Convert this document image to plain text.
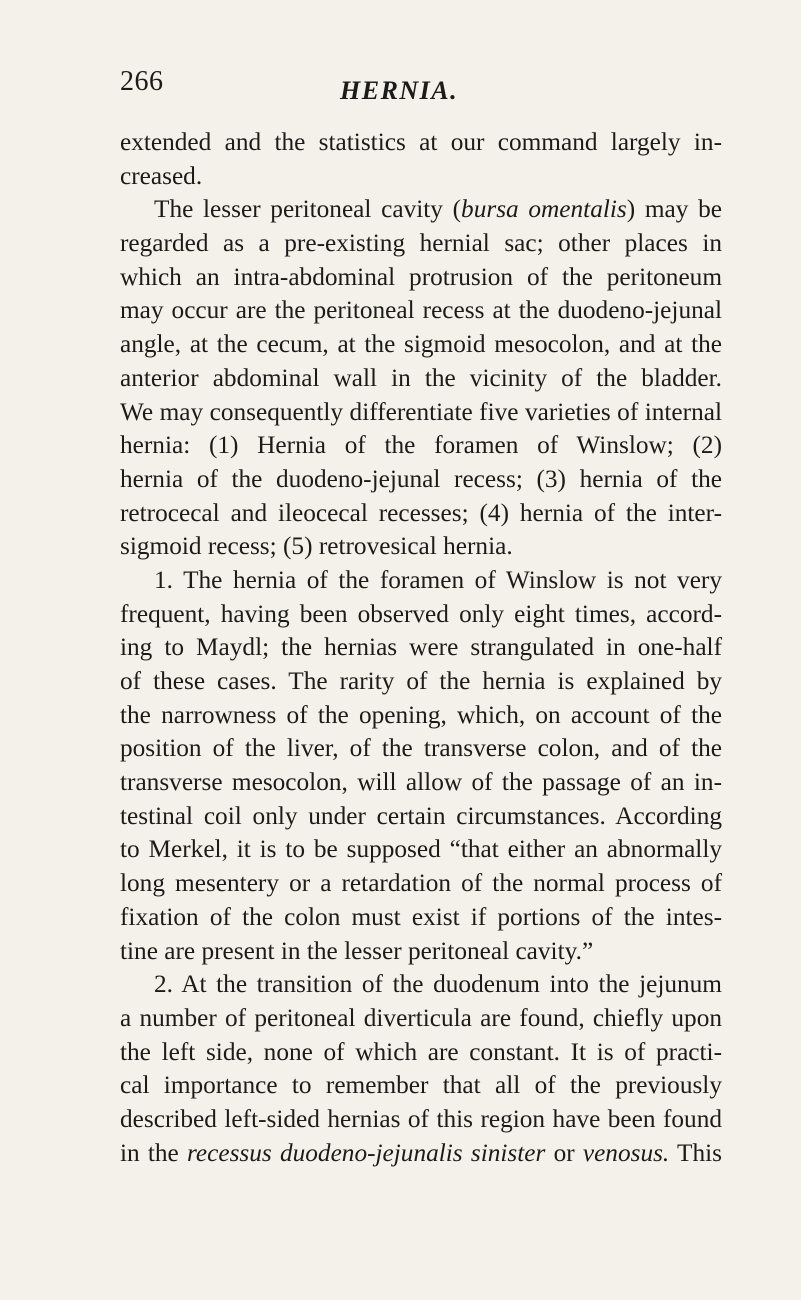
266	HERNIA.
extended and the statistics at our command largely in-
creased.
The lesser peritoneal cavity (bursa omentalis) may be
regarded as a pre-existing hernial sac; other places in
which an intra-abdominal protrusion of the peritoneum
may occur are the peritoneal recess at the duodeno-jejunal
angle, at the cecum, at the sigmoid mesocolon, and at the
anterior abdominal wall in the vicinity of the bladder.
We may consequently differentiate five varieties of internal
hernia: (1) Hernia of the foramen of Winslow; (2)
hernia of the duodeno-jejunal recess; (3) hernia of the
retrocecal and ileocecal recesses; (4) hernia of the inter-
sigmoid recess; (5) retrovesical hernia.
1. The hernia of the foramen of Winslow is not very
frequent, having been observed only eight times, accord-
ing to Maydl; the hernias were strangulated in one-half
of these cases. The rarity of the hernia is explained by
the narrowness of the opening, which, on account of the
position of the liver, of the transverse colon, and of the
transverse mesocolon, will allow of the passage of an in-
testinal coil only under certain circumstances. According
to Merkel, it is to be supposed “that either an abnormally
long mesentery or a retardation of the normal process of
fixation of the colon must exist if portions of the intes-
tine are present in the lesser peritoneal cavity.”
2. At the transition of the duodenum into the jejunum
a number of peritoneal diverticula are found, chiefly upon
the left side, none of which are constant. It is of practi-
cal importance to remember that all of the previously
described left-sided hernias of this region have been found
in the recessus duodeno-jejunalis sinister or venosus. This
